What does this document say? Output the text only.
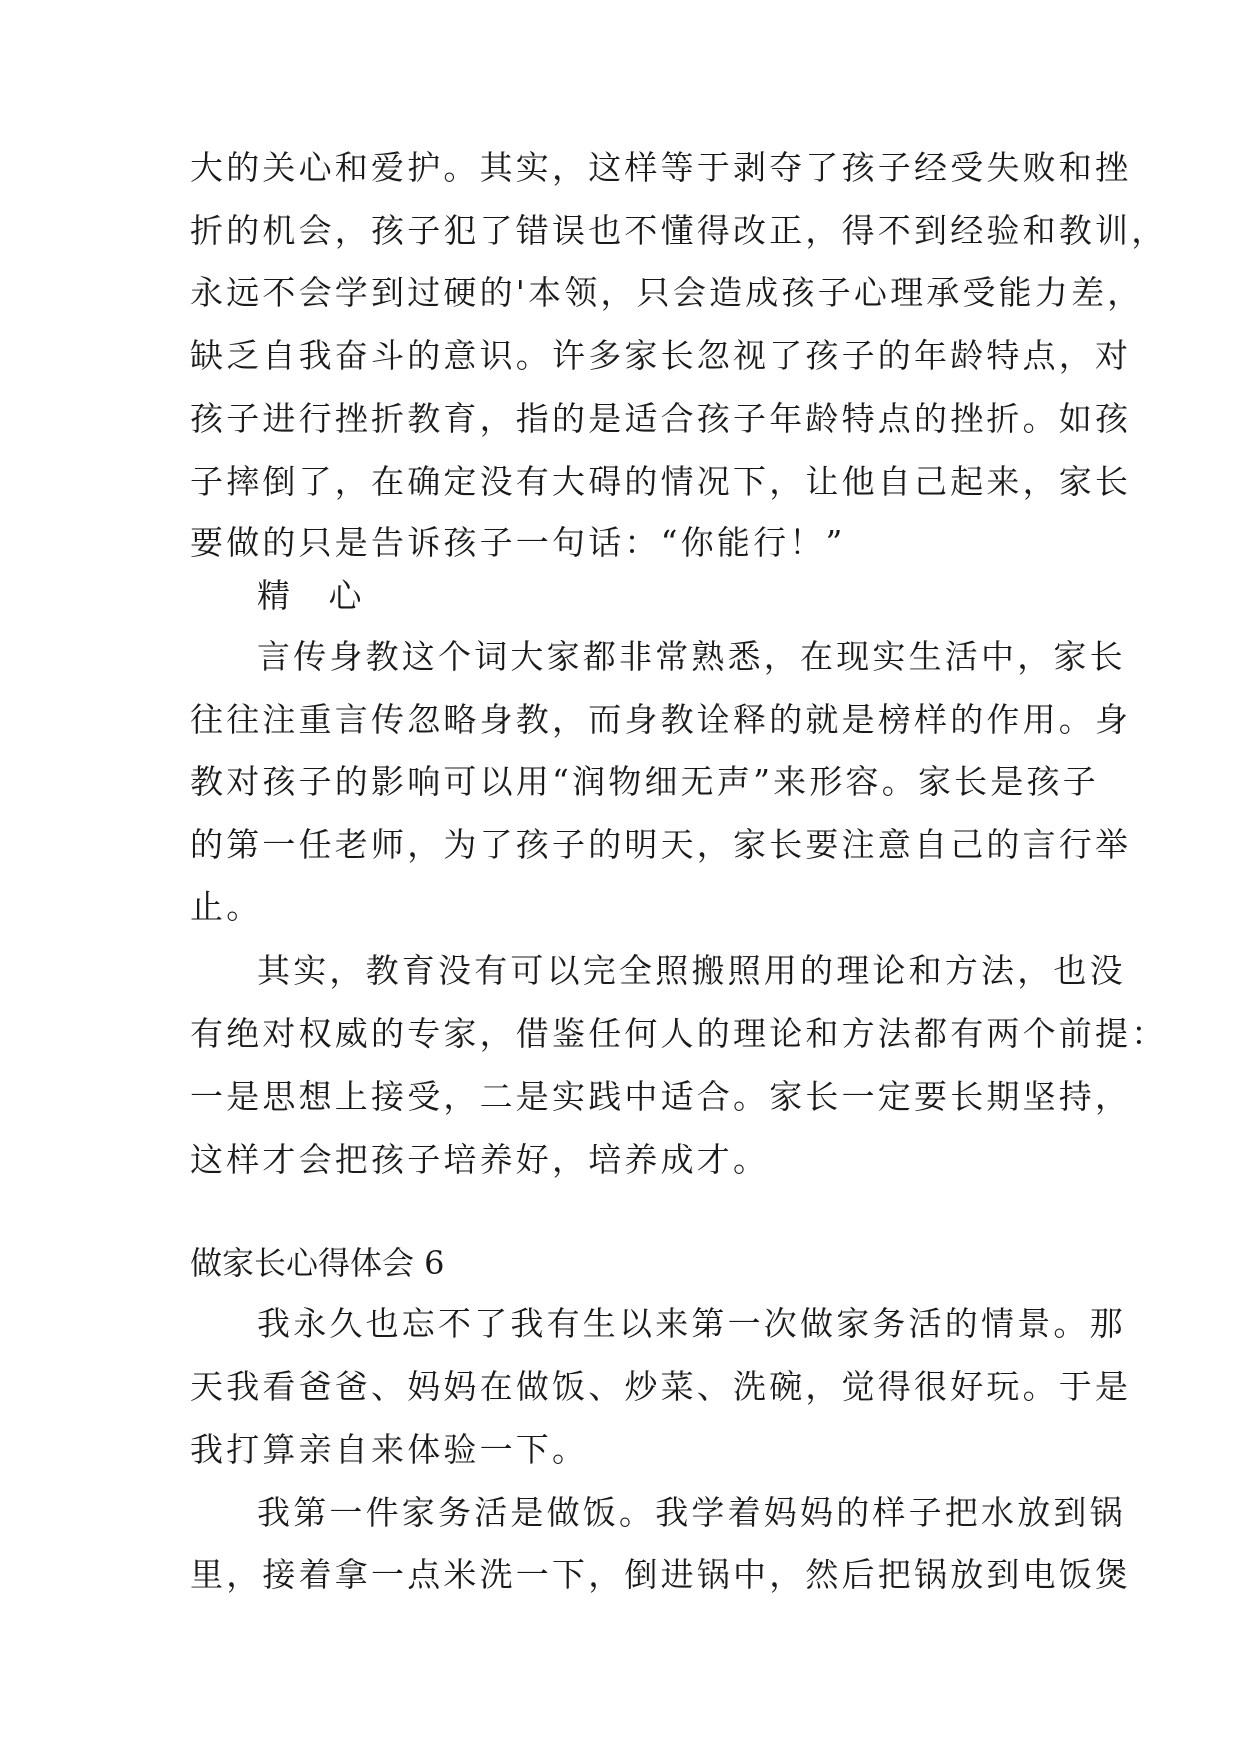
大的关心和爱护。其实，这样等于剥夺了孩子经受失败和挫
折的机会，孩子犯了错误也不懂得改正，得不到经验和教训，
永远不会学到过硬的'本领，只会造成孩子心理承受能力差，
缺乏自我奋斗的意识。许多家长忽视了孩子的年龄特点，对
孩子进行挫折教育，指的是适合孩子年龄特点的挫折。如孩
子摔倒了，在确定没有大碍的情况下，让他自己起来，家长
要做的只是告诉孩子一句话：“你能行！”
精 心
言传身教这个词大家都非常熟悉，在现实生活中，家长
往往注重言传忽略身教，而身教诠释的就是榜样的作用。身
教对孩子的影响可以用“润物细无声”来形容。家长是孩子
的第一任老师，为了孩子的明天，家长要注意自己的言行举
止。
其实，教育没有可以完全照搬照用的理论和方法，也没
有绝对权威的专家，借鉴任何人的理论和方法都有两个前提：
一是思想上接受，二是实践中适合。家长一定要长期坚持，
这样才会把孩子培养好，培养成才。
做家长心得体会 6
我永久也忘不了我有生以来第一次做家务活的情景。那
天我看爸爸、妈妈在做饭、炒菜、洗碗，觉得很好玩。于是
我打算亲自来体验一下。
我第一件家务活是做饭。我学着妈妈的样子把水放到锅
里，接着拿一点米洗一下，倒进锅中，然后把锅放到电饭煲
